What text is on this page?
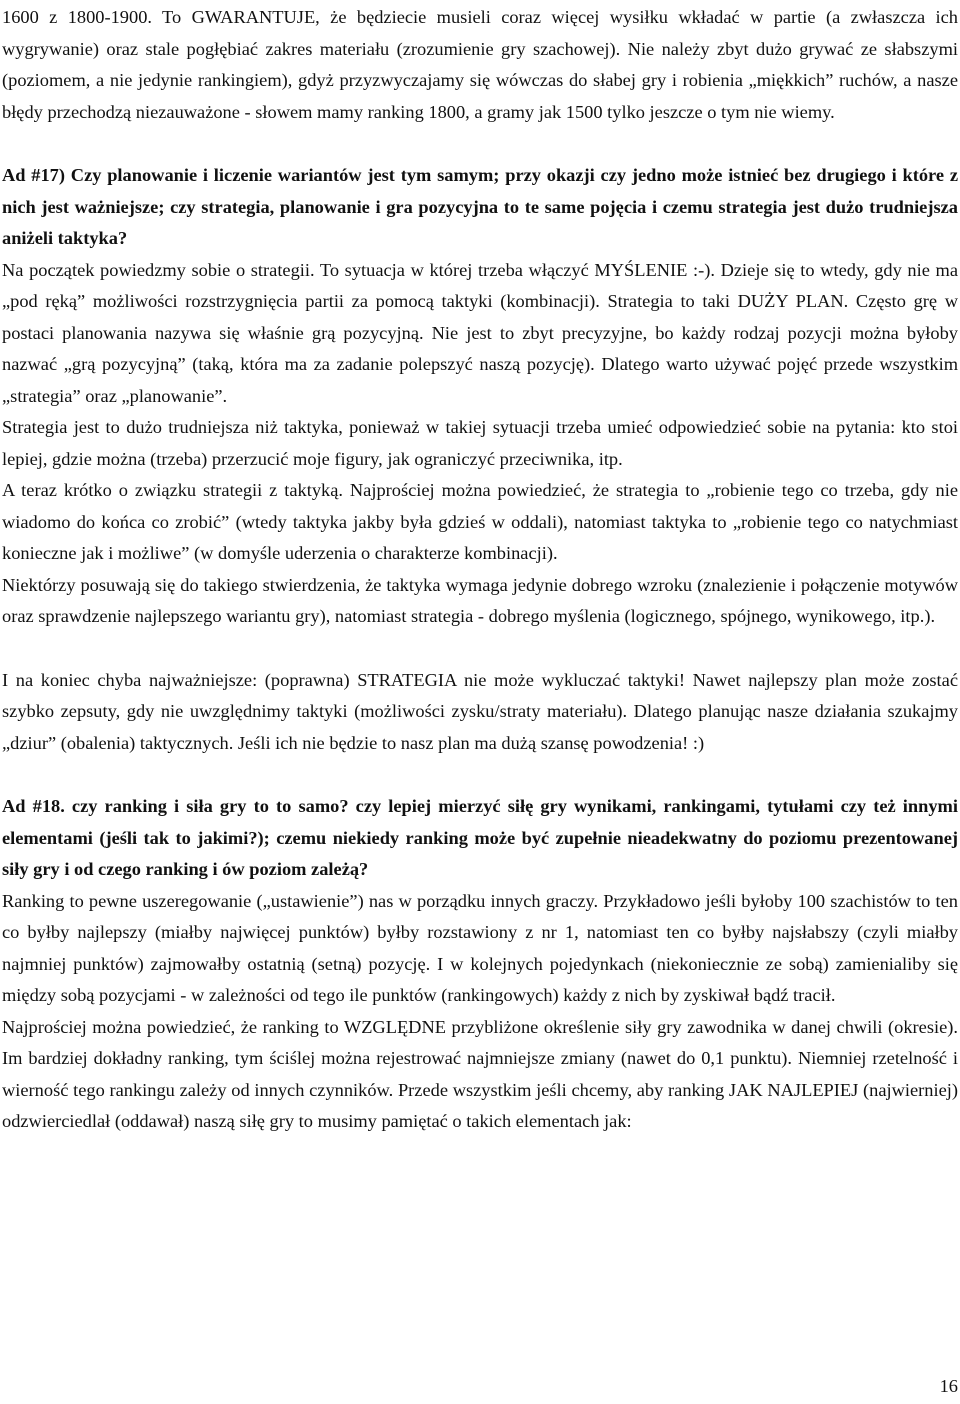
1600 z 1800-1900. To GWARANTUJE, że będziecie musieli coraz więcej wysiłku wkładać w partie (a zwłaszcza ich wygrywanie) oraz stale pogłębiać zakres materiału (zrozumienie gry szachowej). Nie należy zbyt dużo grywać ze słabszymi (poziomem, a nie jedynie rankingiem), gdyż przyzwyczajamy się wówczas do słabej gry i robienia „miękkich” ruchów, a nasze błędy przechodzą niezauważone - słowem mamy ranking 1800, a gramy jak 1500 tylko jeszcze o tym nie wiemy.

Ad #17) Czy planowanie i liczenie wariantów jest tym samym; przy okazji czy jedno może istnieć bez drugiego i które z nich jest ważniejsze; czy strategia, planowanie i gra pozycyjna to te same pojęcia i czemu strategia jest dużo trudniejsza aniżeli taktyka?

Na początek powiedzmy sobie o strategii. To sytuacja w której trzeba włączyć MYŚLENIE :-). Dzieje się to wtedy, gdy nie ma „pod ręką” możliwości rozstrzygnięcia partii za pomocą taktyki (kombinacji). Strategia to taki DUŻY PLAN. Często grę w postaci planowania nazywa się właśnie grą pozycyjną. Nie jest to zbyt precyzyjne, bo każdy rodzaj pozycji można byłoby nazwać „grą pozycyjną” (taką, która ma za zadanie polepszyć naszą pozycję). Dlatego warto używać pojęć przede wszystkim „strategia” oraz „planowanie”.

Strategia jest to dużo trudniejsza niż taktyka, ponieważ w takiej sytuacji trzeba umieć odpowiedzieć sobie na pytania: kto stoi lepiej, gdzie można (trzeba) przerzucić moje figury, jak ograniczyć przeciwnika, itp.

A teraz krótko o związku strategii z taktyką. Najprościej można powiedzieć, że strategia to „robienie tego co trzeba, gdy nie wiadomo do końca co zrobić” (wtedy taktyka jakby była gdzieś w oddali), natomiast taktyka to „robienie tego co natychmiast konieczne jak i możliwe” (w domyśle uderzenia o charakterze kombinacji).

Niektórzy posuwają się do takiego stwierdzenia, że taktyka wymaga jedynie dobrego wzroku (znalezienie i połączenie motywów oraz sprawdzenie najlepszego wariantu gry), natomiast strategia - dobrego myślenia (logicznego, spójnego, wynikowego, itp.).

I na koniec chyba najważniejsze: (poprawna) STRATEGIA nie może wykluczać taktyki! Nawet najlepszy plan może zostać szybko zepsuty, gdy nie uwzględnimy taktyki (możliwości zysku/straty materiału). Dlatego planując nasze działania szukajmy „dziur” (obalenia) taktycznych. Jeśli ich nie będzie to nasz plan ma dużą szansę powodzenia! :)

Ad #18. czy ranking i siła gry to to samo? czy lepiej mierzyć siłę gry wynikami, rankingami, tytułami czy też innymi elementami (jeśli tak to jakimi?); czemu niekiedy ranking może być zupełnie nieadekwatny do poziomu prezentowanej siły gry i od czego ranking i ów poziom zależą?

Ranking to pewne uszeregowanie („ustawienie”) nas w porządku innych graczy. Przykładowo jeśli byłoby 100 szachistów to ten co byłby najlepszy (miałby najwięcej punktów) byłby rozstawiony z nr 1, natomiast ten co byłby najsłabszy (czyli miałby najmniej punktów) zajmowałby ostatnią (setną) pozycję. I w kolejnych pojedynkach (niekoniecznie ze sobą) zamienialiby się między sobą pozycjami - w zależności od tego ile punktów (rankingowych) każdy z nich by zyskiwał bądź tracił.

Najprościej można powiedzieć, że ranking to WZGLĘDNE przybliżone określenie siły gry zawodnika w danej chwili (okresie). Im bardziej dokładny ranking, tym ściślej można rejestrować najmniejsze zmiany (nawet do 0,1 punktu). Niemniej rzetelność i wierność tego rankingu zależy od innych czynników. Przede wszystkim jeśli chcemy, aby ranking JAK NAJLEPIEJ (najwierniej) odzwierciedlał (oddawał) naszą siłę gry to musimy pamiętać o takich elementach jak:

16
